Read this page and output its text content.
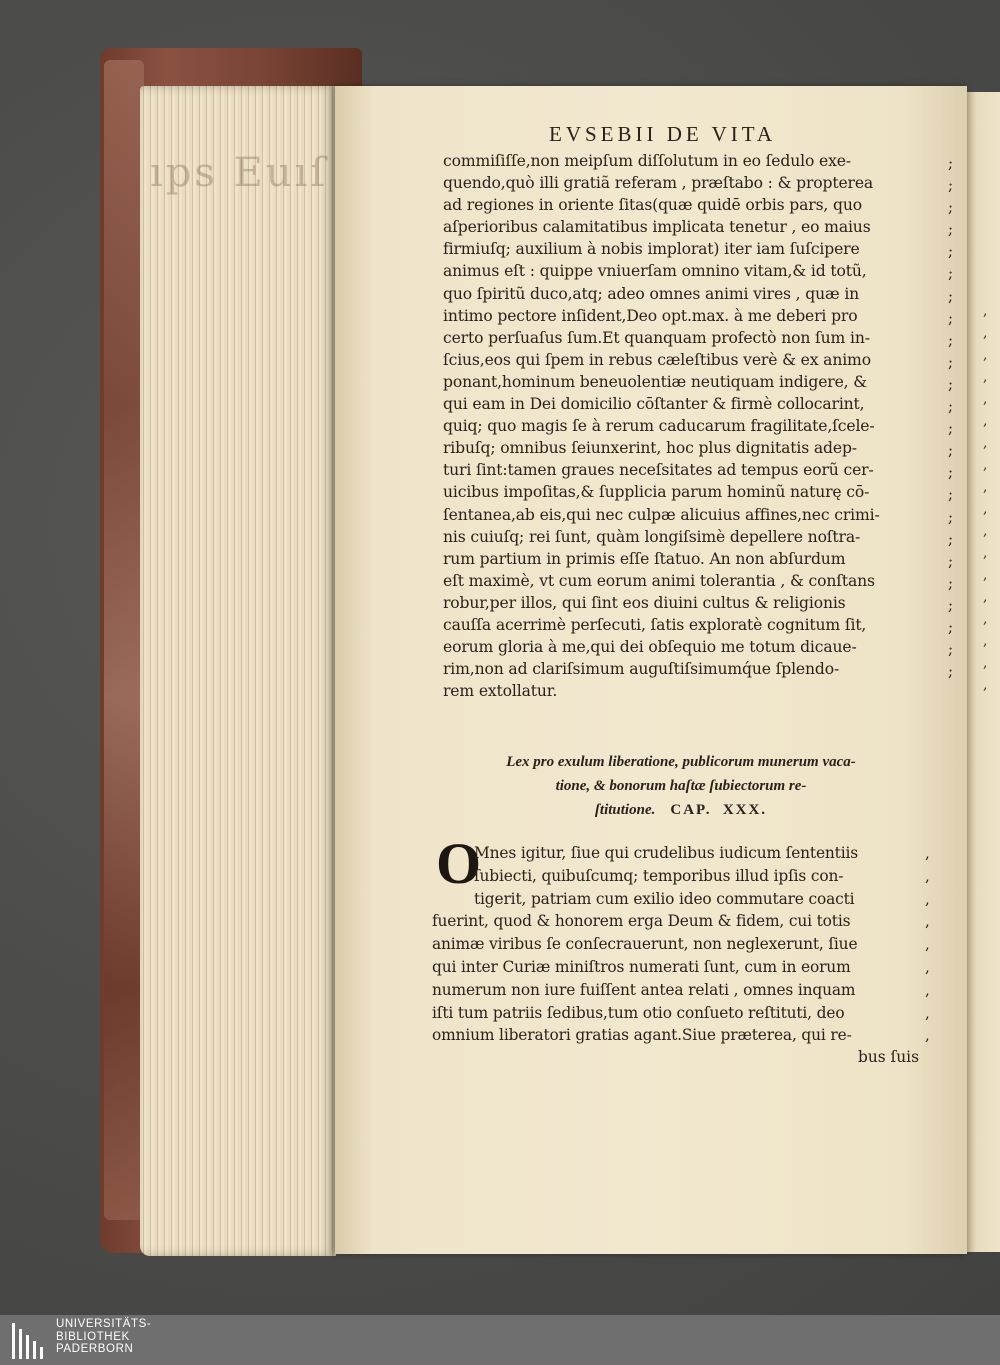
ıps Euıſ
,
,
,
,
,
,
,
,
,
,
,
,
,
,
,
,
,
,
EVSEBII DE VITA
commiſiſſe,non meipſum diſſolutum in eo ſedulo exe-
quendo,quò illi gratiã referam , præſtabo : & propterea
ad regiones in oriente ſitas(quæ quidē orbis pars, quo
aſperioribus calamitatibus implicata tenetur , eo maius
firmiuſq; auxilium à nobis implorat) iter iam ſuſcipere
animus eſt : quippe vniuerſam omnino vitam,& id totũ,
quo ſpiritũ duco,atq; adeo omnes animi vires , quæ in
intimo pectore inſident,Deo opt.max. à me deberi pro
certo perſuaſus ſum.Et quanquam profectò non ſum in-
ſcius,eos qui ſpem in rebus cæleſtibus verè & ex animo
ponant,hominum beneuolentiæ neutiquam indigere, &
qui eam in Dei domicilio cōſtanter & firmè collocarint,
quiq; quo magis ſe à rerum caducarum fragilitate,ſcele-
ribuſq; omnibus ſeiunxerint, hoc plus dignitatis adep-
turi ſint:tamen graues neceſsitates ad tempus eorũ cer-
uicibus impoſitas,& ſupplicia parum hominũ naturę cō-
ſentanea,ab eis,qui nec culpæ alicuius affines,nec crimi-
nis cuiuſq; rei ſunt, quàm longiſsimè depellere noſtra-
rum partium in primis eſſe ſtatuo. An non abſurdum
eſt maximè, vt cum eorum animi tolerantia , & conſtans
robur,per illos, qui ſint eos diuini cultus & religionis
cauſſa acerrimè perſecuti, ſatis exploratè cognitum ſit,
eorum gloria à me,qui dei obſequio me totum dicaue-
rim,non ad clariſsimum auguſtiſsimumq́ue ſplendo-
rem extollatur.
;
;
;
;
;
;
;
;
;
;
;
;
;
;
;
;
;
;
;
;
;
;
;
;
Lex pro exulum liberatione, publicorum munerum vaca-
tione, & bonorum haſtæ ſubiectorum re-
ſtitutione. CAP. XXX.
O
Mnes igitur, ſiue qui crudelibus iudicum ſententiis
ſubiecti, quibuſcumq; temporibus illud ipſis con-
tigerit, patriam cum exilio ideo commutare coacti
fuerint, quod & honorem erga Deum & fidem, cui totis
animæ viribus ſe conſecrauerunt, non neglexerunt, ſiue
qui inter Curiæ miniſtros numerati ſunt, cum in eorum
numerum non iure fuiſſent antea relati , omnes inquam
iſti tum patriis ſedibus,tum otio conſueto reſtituti, deo
omnium liberatori gratias agant.Siue præterea, qui re-
,
,
,
,
,
,
,
,
,
bus ſuis
UNIVERSITÄTS-
BIBLIOTHEK
PADERBORN
